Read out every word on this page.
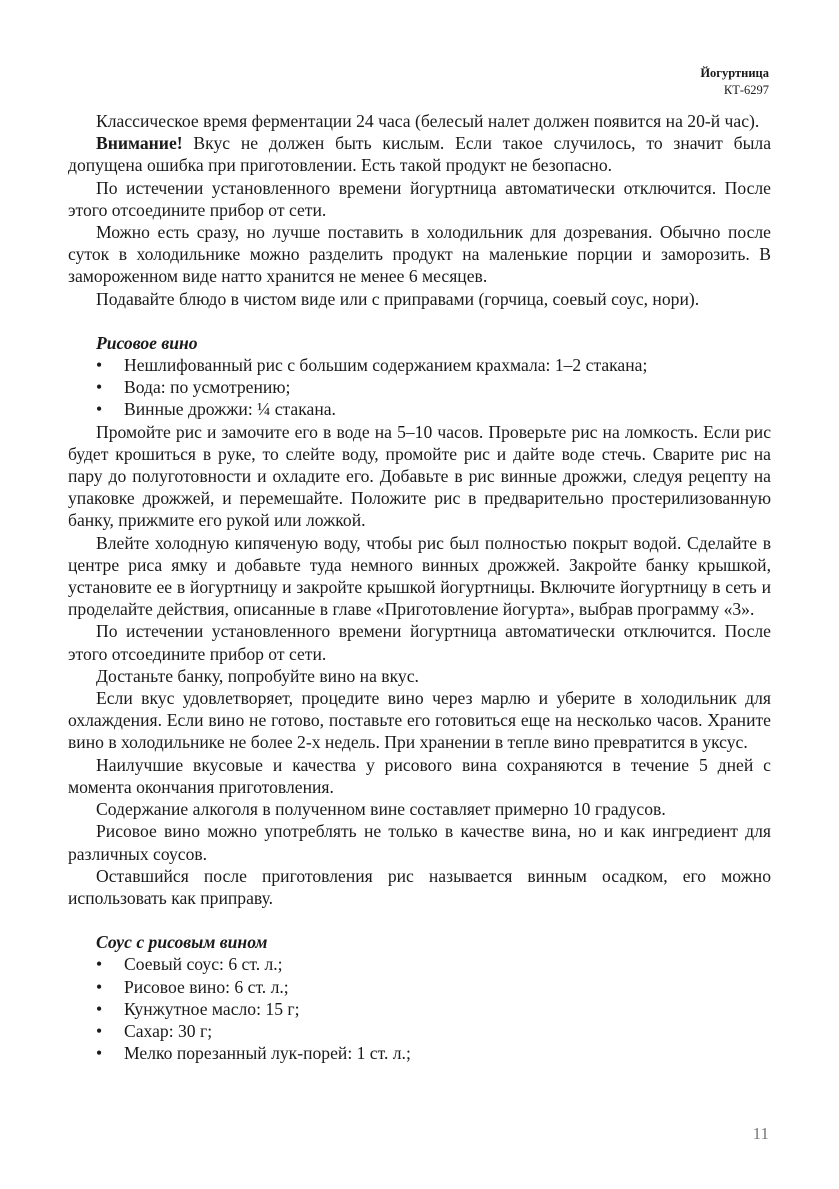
Йогуртница
КТ-6297

Классическое время ферментации 24 часа (белесый налет должен появится на 20-й час).

Внимание! Вкус не должен быть кислым. Если такое случилось, то значит была допущена ошибка при приготовлении. Есть такой продукт не безопасно.

По истечении установленного времени йогуртница автоматически отключится. После этого отсоедините прибор от сети.

Можно есть сразу, но лучше поставить в холодильник для дозревания. Обычно после суток в холодильнике можно разделить продукт на маленькие порции и заморозить. В замороженном виде натто хранится не менее 6 месяцев.

Подавайте блюдо в чистом виде или с приправами (горчица, соевый соус, нори).

Рисовое вино
• Нешлифованный рис с большим содержанием крахмала: 1–2 стакана;
• Вода: по усмотрению;
• Винные дрожжи: ¼ стакана.

Промойте рис и замочите его в воде на 5–10 часов. Проверьте рис на ломкость. Если рис будет крошиться в руке, то слейте воду, промойте рис и дайте воде стечь. Сварите рис на пару до полуготовности и охладите его. Добавьте в рис винные дрожжи, следуя рецепту на упаковке дрожжей, и перемешайте. Положите рис в предварительно простерилизованную банку, прижмите его рукой или ложкой.

Влейте холодную кипяченую воду, чтобы рис был полностью покрыт водой. Сделайте в центре риса ямку и добавьте туда немного винных дрожжей. Закройте банку крышкой, установите ее в йогуртницу и закройте крышкой йогуртницы. Включите йогуртницу в сеть и проделайте действия, описанные в главе «Приготовление йогурта», выбрав программу «3».

По истечении установленного времени йогуртница автоматически отключится. После этого отсоедините прибор от сети.

Достаньте банку, попробуйте вино на вкус.

Если вкус удовлетворяет, процедите вино через марлю и уберите в холодильник для охлаждения. Если вино не готово, поставьте его готовиться еще на несколько часов. Храните вино в холодильнике не более 2-х недель. При хранении в тепле вино превратится в уксус.

Наилучшие вкусовые и качества у рисового вина сохраняются в течение 5 дней с момента окончания приготовления.

Содержание алкоголя в полученном вине составляет примерно 10 градусов.

Рисовое вино можно употреблять не только в качестве вина, но и как ингредиент для различных соусов.

Оставшийся после приготовления рис называется винным осадком, его можно использовать как приправу.

Соус с рисовым вином
• Соевый соус: 6 ст. л.;
• Рисовое вино: 6 ст. л.;
• Кунжутное масло: 15 г;
• Сахар: 30 г;
• Мелко порезанный лук-порей: 1 ст. л.;
11
